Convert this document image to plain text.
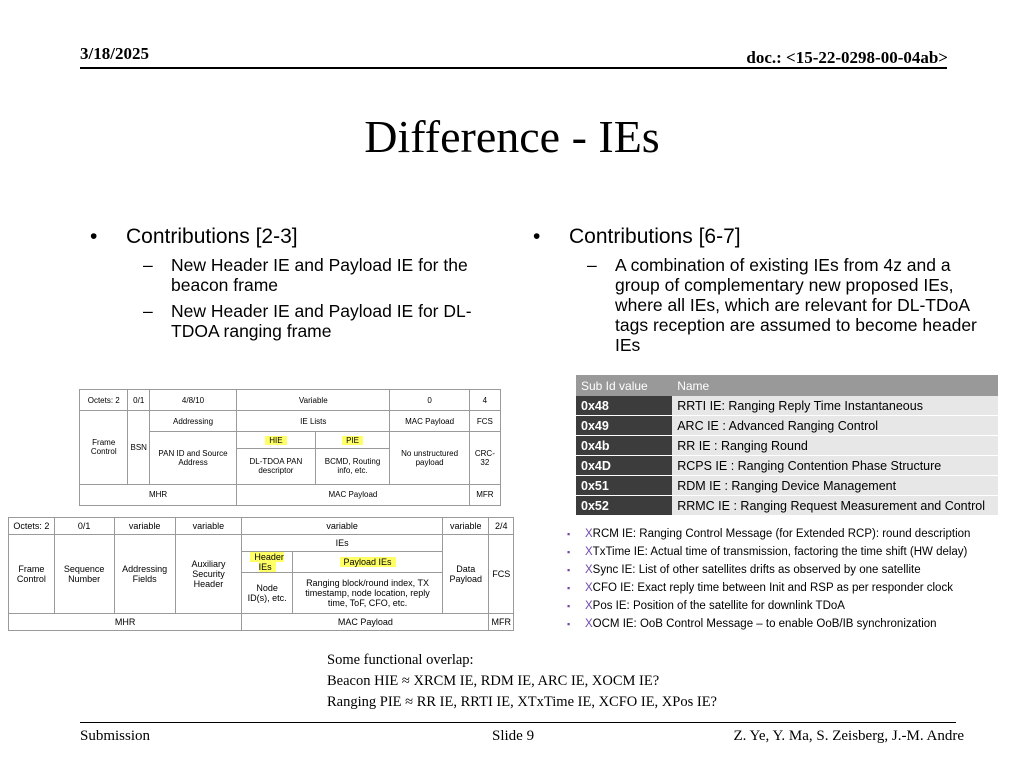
3/18/2025	doc.: <15-22-0298-00-04ab>
Difference - IEs
• Contributions [2-3]
–	New Header IE and Payload IE for the beacon frame
–	New Header IE and Payload IE for DL-TDOA ranging frame
• Contributions [6-7]
–	A combination of existing IEs from 4z and a group of complementary new proposed IEs, where all IEs, which are relevant for DL-TDoA tags reception are assumed to become header IEs
Octets: 2	0/1	4/8/10	Variable		0	4
Frame Control	BSN	Addressing	IE Lists		MAC Payload	FCS
		PAN ID and Source Address	HIE	PIE	No unstructured payload	CRC-32
			DL-TDOA PAN descriptor	BCMD, Routing info, etc.		
MHR			MAC Payload			MFR
Octets: 2	0/1	variable	variable	variable		variable	2/4
Frame Control	Sequence Number	Addressing Fields	Auxiliary Security Header	IEs		Data Payload	FCS
				Header IEs	Payload IEs		
				Node ID(s), etc.	Ranging block/round index, TX timestamp, node location, reply time, ToF, CFO, etc.		
MHR				MAC Payload			MFR
Sub Id value	Name
0x48	RRTI IE: Ranging Reply Time Instantaneous
0x49	ARC IE : Advanced Ranging Control
0x4b	RR IE : Ranging Round
0x4D	RCPS IE : Ranging Contention Phase Structure
0x51	RDM IE : Ranging Device Management
0x52	RRMC IE : Ranging Request Measurement and Control
▪ XRCM IE: Ranging Control Message (for Extended RCP): round description
▪ XTxTime IE: Actual time of transmission, factoring the time shift (HW delay)
▪ XSync IE: List of other satellites drifts as observed by one satellite
▪ XCFO IE: Exact reply time between Init and RSP as per responder clock
▪ XPos IE: Position of the satellite for downlink TDoA
▪ XOCM IE: OoB Control Message – to enable OoB/IB synchronization
Some functional overlap:
Beacon HIE ≈ XRCM IE, RDM IE, ARC IE, XOCM IE?
Ranging PIE ≈ RR IE, RRTI IE, XTxTime IE, XCFO IE, XPos IE?
Submission	Slide 9	Z. Ye, Y. Ma, S. Zeisberg, J.-M. Andre
